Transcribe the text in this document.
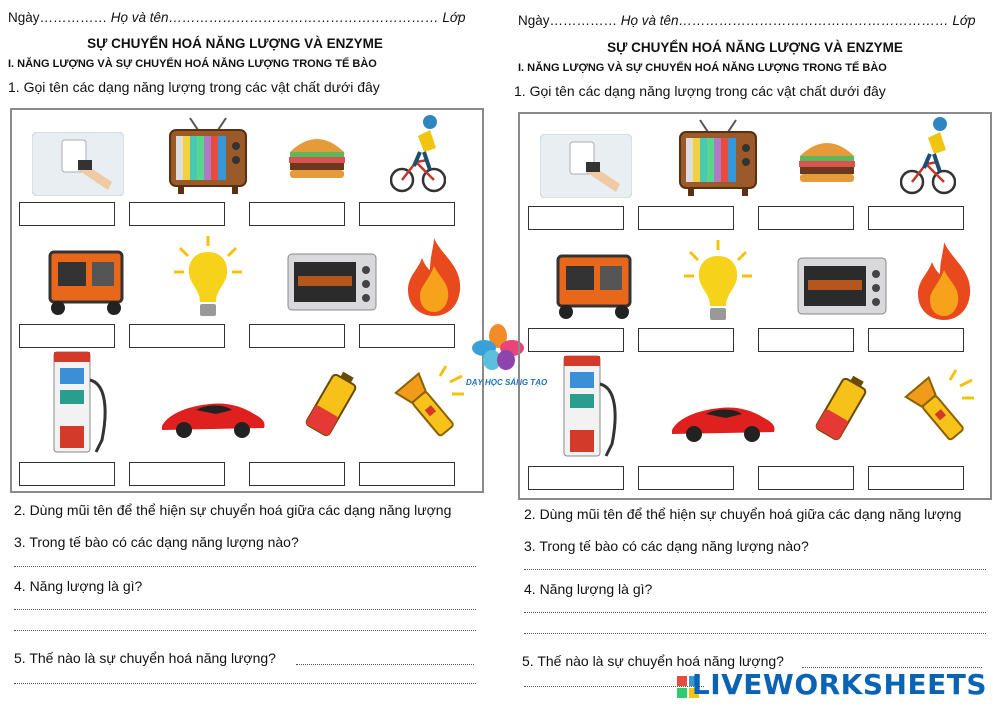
Ngày…………… Họ và tên…………………………………………………… Lớp
SỰ CHUYỂN HOÁ NĂNG LƯỢNG VÀ ENZYME
I. NĂNG LƯỢNG VÀ SỰ CHUYỂN HOÁ NĂNG LƯỢNG TRONG TẾ BÀO
1. Gọi tên các dạng năng lượng trong các vật chất dưới đây
2. Dùng mũi tên để thể hiện sự chuyển hoá giữa các dạng năng lượng
3. Trong tế bào có các dạng năng lượng nào?
4. Năng lượng là gì?
5. Thế nào là sự chuyển hoá năng lượng?
DẠY HỌC SÁNG TẠO
Ngày…………… Họ và tên…………………………………………………… Lớp
SỰ CHUYỂN HOÁ NĂNG LƯỢNG VÀ ENZYME
I. NĂNG LƯỢNG VÀ SỰ CHUYỂN HOÁ NĂNG LƯỢNG TRONG TẾ BÀO
1. Gọi tên các dạng năng lượng trong các vật chất dưới đây
2. Dùng mũi tên để thể hiện sự chuyển hoá giữa các dạng năng lượng
3. Trong tế bào có các dạng năng lượng nào?
4. Năng lượng là gì?
5. Thế nào là sự chuyển hoá năng lượng?
LIVEWORKSHEETS
